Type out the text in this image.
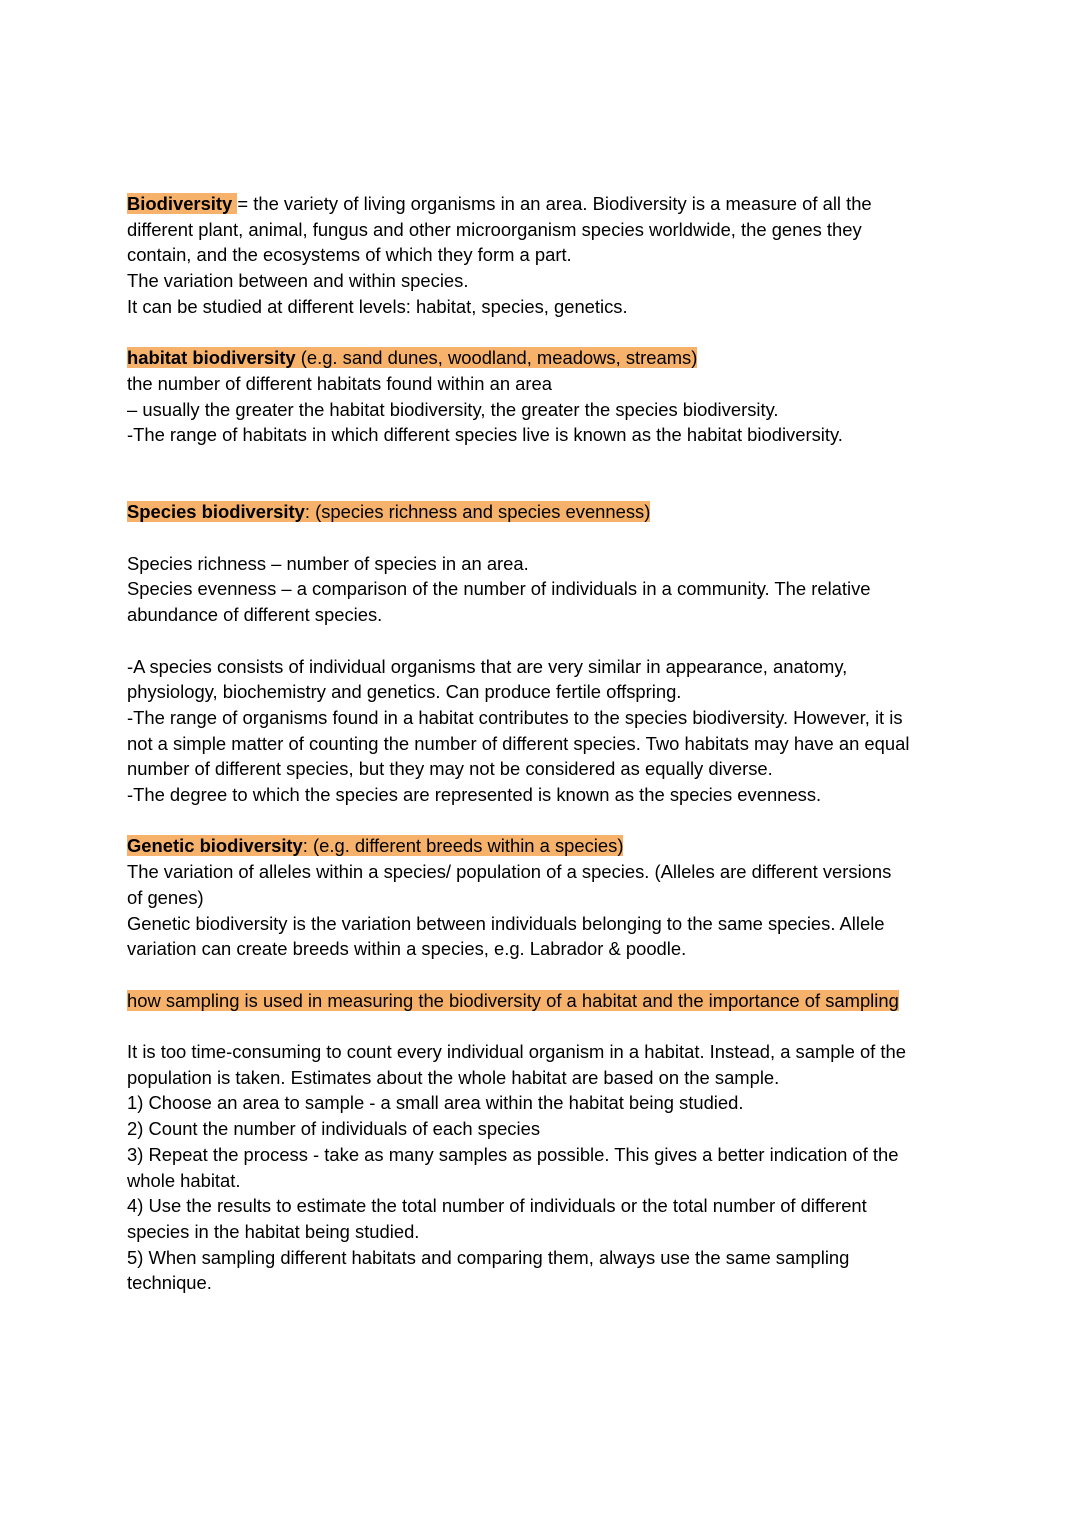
Biodiversity = the variety of living organisms in an area. Biodiversity is a measure of all the
different plant, animal, fungus and other microorganism species worldwide, the genes they
contain, and the ecosystems of which they form a part.
The variation between and within species.
It can be studied at different levels: habitat, species, genetics.
habitat biodiversity (e.g. sand dunes, woodland, meadows, streams)
the number of different habitats found within an area
– usually the greater the habitat biodiversity, the greater the species biodiversity.
-The range of habitats in which different species live is known as the habitat biodiversity.
Species biodiversity: (species richness and species evenness)
Species richness – number of species in an area.
Species evenness – a comparison of the number of individuals in a community. The relative
abundance of different species.
-A species consists of individual organisms that are very similar in appearance, anatomy,
physiology, biochemistry and genetics. Can produce fertile offspring.
-The range of organisms found in a habitat contributes to the species biodiversity. However, it is
not a simple matter of counting the number of different species. Two habitats may have an equal
number of different species, but they may not be considered as equally diverse.
-The degree to which the species are represented is known as the species evenness.
Genetic biodiversity: (e.g. different breeds within a species)
The variation of alleles within a species/ population of a species. (Alleles are different versions
of genes)
Genetic biodiversity is the variation between individuals belonging to the same species. Allele
variation can create breeds within a species, e.g. Labrador & poodle.
how sampling is used in measuring the biodiversity of a habitat and the importance of sampling
It is too time-consuming to count every individual organism in a habitat. Instead, a sample of the
population is taken. Estimates about the whole habitat are based on the sample.
1) Choose an area to sample - a small area within the habitat being studied.
2) Count the number of individuals of each species
3) Repeat the process - take as many samples as possible. This gives a better indication of the
whole habitat.
4) Use the results to estimate the total number of individuals or the total number of different
species in the habitat being studied.
5) When sampling different habitats and comparing them, always use the same sampling
technique.
